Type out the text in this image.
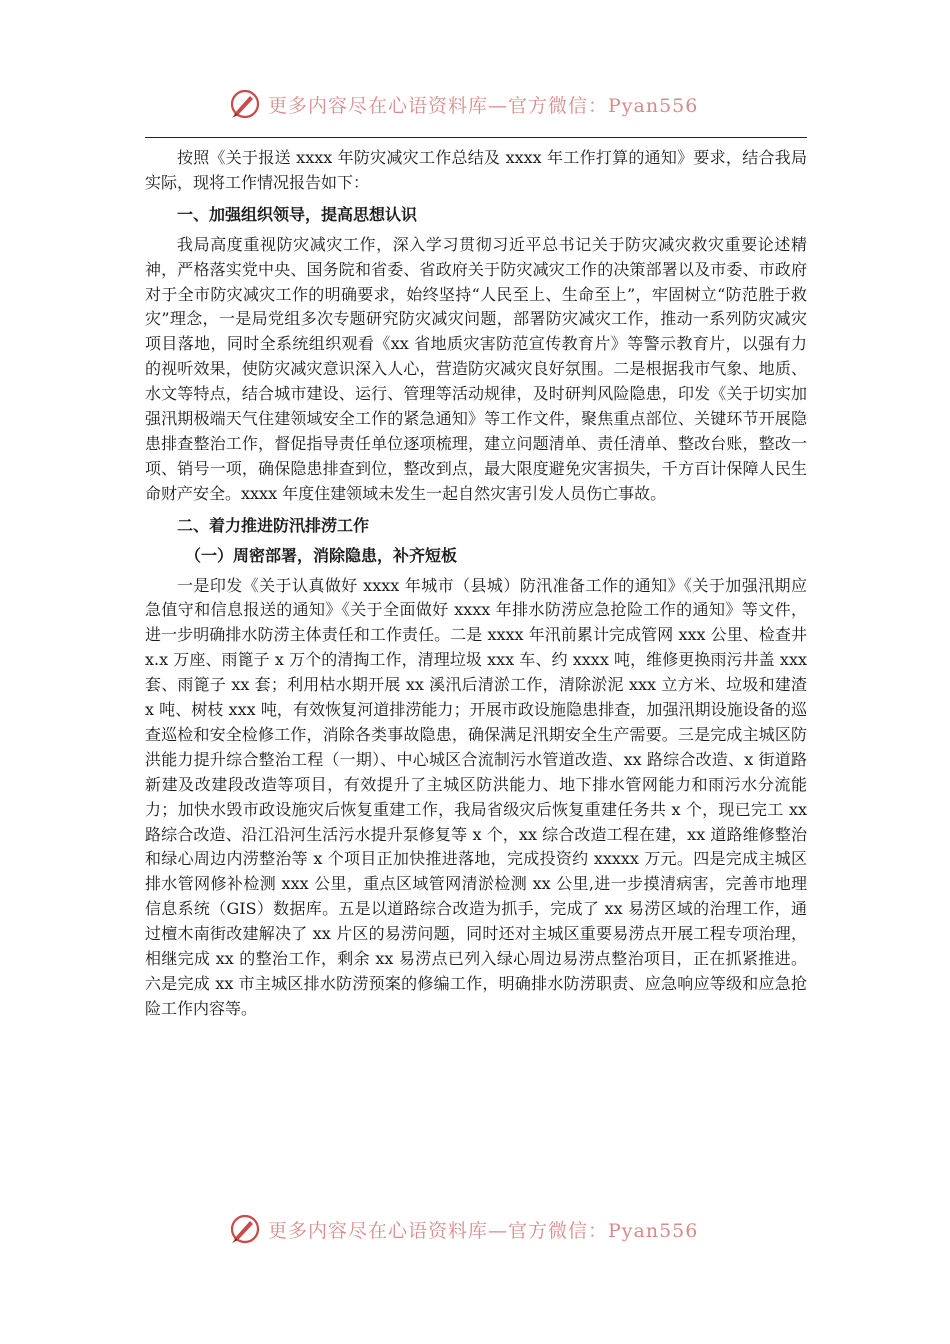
更多内容尽在心语资料库—官方微信：Pyan556

按照《关于报送 xxxx 年防灾减灾工作总结及 xxxx 年工作打算的通知》要求，结合我局实际，现将工作情况报告如下：

一、加强组织领导，提高思想认识

我局高度重视防灾减灾工作，深入学习贯彻习近平总书记关于防灾减灾救灾重要论述精神，严格落实党中央、国务院和省委、省政府关于防灾减灾工作的决策部署以及市委、市政府对于全市防灾减灾工作的明确要求，始终坚持“人民至上、生命至上”，牢固树立“防范胜于救灾”理念，一是局党组多次专题研究防灾减灾问题，部署防灾减灾工作，推动一系列防灾减灾项目落地，同时全系统组织观看《xx 省地质灾害防范宣传教育片》等警示教育片，以强有力的视听效果，使防灾减灾意识深入人心，营造防灾减灾良好氛围。二是根据我市气象、地质、水文等特点，结合城市建设、运行、管理等活动规律，及时研判风险隐患，印发《关于切实加强汛期极端天气住建领域安全工作的紧急通知》等工作文件，聚焦重点部位、关键环节开展隐患排查整治工作，督促指导责任单位逐项梳理，建立问题清单、责任清单、整改台账，整改一项、销号一项，确保隐患排查到位，整改到点，最大限度避免灾害损失，千方百计保障人民生命财产安全。xxxx 年度住建领域未发生一起自然灾害引发人员伤亡事故。

二、着力推进防汛排涝工作

（一）周密部署，消除隐患，补齐短板

一是印发《关于认真做好 xxxx 年城市（县城）防汛准备工作的通知》《关于加强汛期应急值守和信息报送的通知》《关于全面做好 xxxx 年排水防涝应急抢险工作的通知》等文件，进一步明确排水防涝主体责任和工作责任。二是 xxxx 年汛前累计完成管网 xxx 公里、检查井 x.x 万座、雨篦子 x 万个的清掏工作，清理垃圾 xxx 车、约 xxxx 吨，维修更换雨污井盖 xxx 套、雨篦子 xx 套；利用枯水期开展 xx 溪汛后清淤工作，清除淤泥 xxx 立方米、垃圾和建渣 x 吨、树枝 xxx 吨，有效恢复河道排涝能力；开展市政设施隐患排查，加强汛期设施设备的巡查巡检和安全检修工作，消除各类事故隐患，确保满足汛期安全生产需要。三是完成主城区防洪能力提升综合整治工程（一期）、中心城区合流制污水管道改造、xx 路综合改造、x 街道路新建及改建段改造等项目，有效提升了主城区防洪能力、地下排水管网能力和雨污水分流能力；加快水毁市政设施灾后恢复重建工作，我局省级灾后恢复重建任务共 x 个，现已完工 xx 路综合改造、沿江沿河生活污水提升泵修复等 x 个，xx 综合改造工程在建，xx 道路维修整治和绿心周边内涝整治等 x 个项目正加快推进落地，完成投资约 xxxxx 万元。四是完成主城区排水管网修补检测 xxx 公里，重点区域管网清淤检测 xx 公里,进一步摸清病害，完善市地理信息系统（GIS）数据库。五是以道路综合改造为抓手，完成了 xx 易涝区域的治理工作，通过檀木南街改建解决了 xx 片区的易涝问题，同时还对主城区重要易涝点开展工程专项治理，相继完成 xx 的整治工作，剩余 xx 易涝点已列入绿心周边易涝点整治项目，正在抓紧推进。六是完成 xx 市主城区排水防涝预案的修编工作，明确排水防涝职责、应急响应等级和应急抢险工作内容等。

更多内容尽在心语资料库—官方微信：Pyan556
